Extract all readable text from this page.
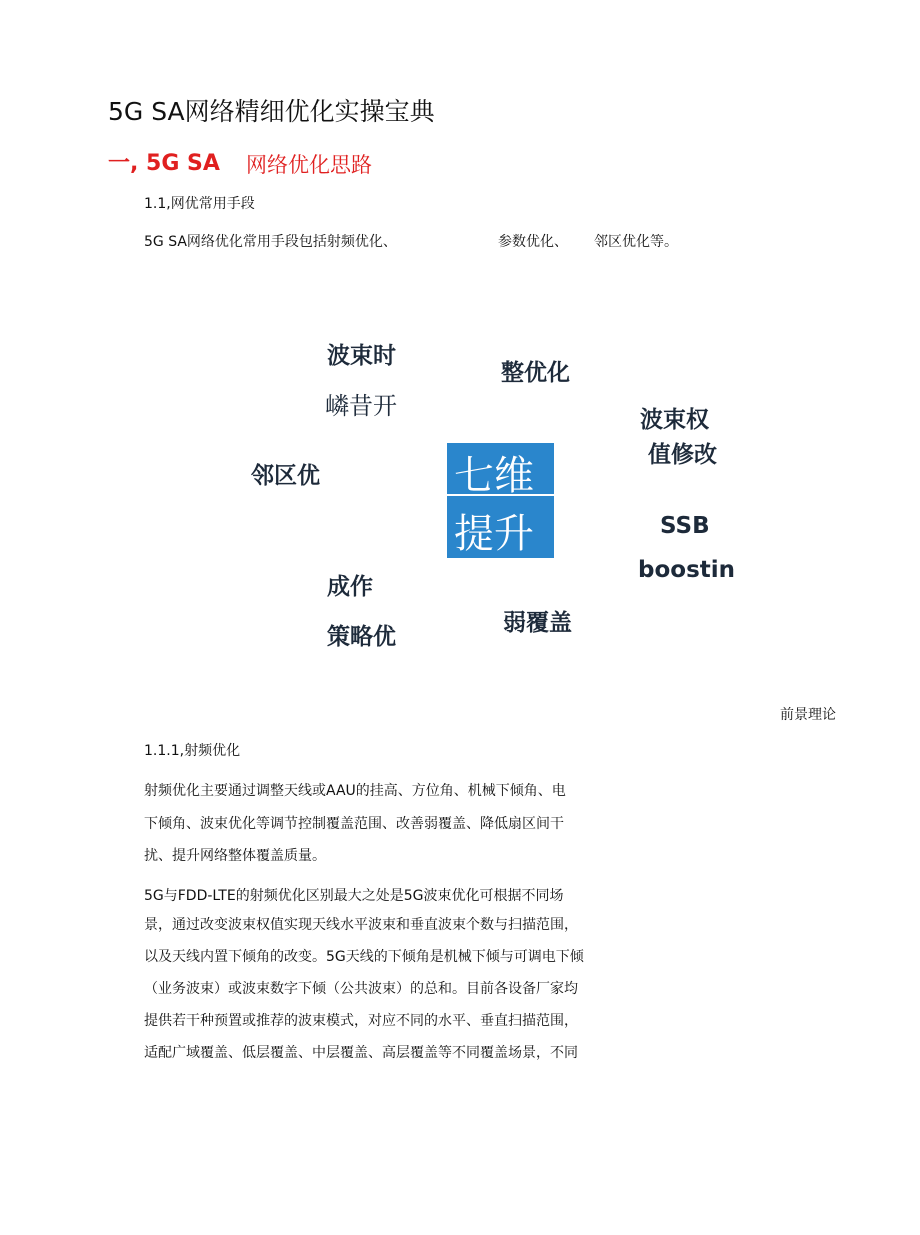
5G SA网络精细优化实操宝典
一, 5G SA 网络优化思路
1.1,网优常用手段
5G SA网络优化常用手段包括射频优化、	参数优化、 邻区优化等。
波束时
嶙昔开
整优化
波束权
值修改
邻区优	七维
提升	SSB
boostin
成作
策略优
弱覆盖
前景理论
1.1.1,射频优化
射频优化主要通过调整天线或AAU的挂高、方位角、机械下倾角、电
下倾角、波束优化等调节控制覆盖范围、改善弱覆盖、降低扇区间干
扰、提升网络整体覆盖质量。
5G与FDD-LTE的射频优化区别最大之处是5G波束优化可根据不同场
景，通过改变波束权值实现天线水平波束和垂直波束个数与扫描范围，
以及天线内置下倾角的改变。5G天线的下倾角是机械下倾与可调电下倾
（业务波束）或波束数字下倾（公共波束）的总和。目前各设备厂家均
提供若干种预置或推荐的波束模式，对应不同的水平、垂直扫描范围，
适配广域覆盖、低层覆盖、中层覆盖、高层覆盖等不同覆盖场景，不同
